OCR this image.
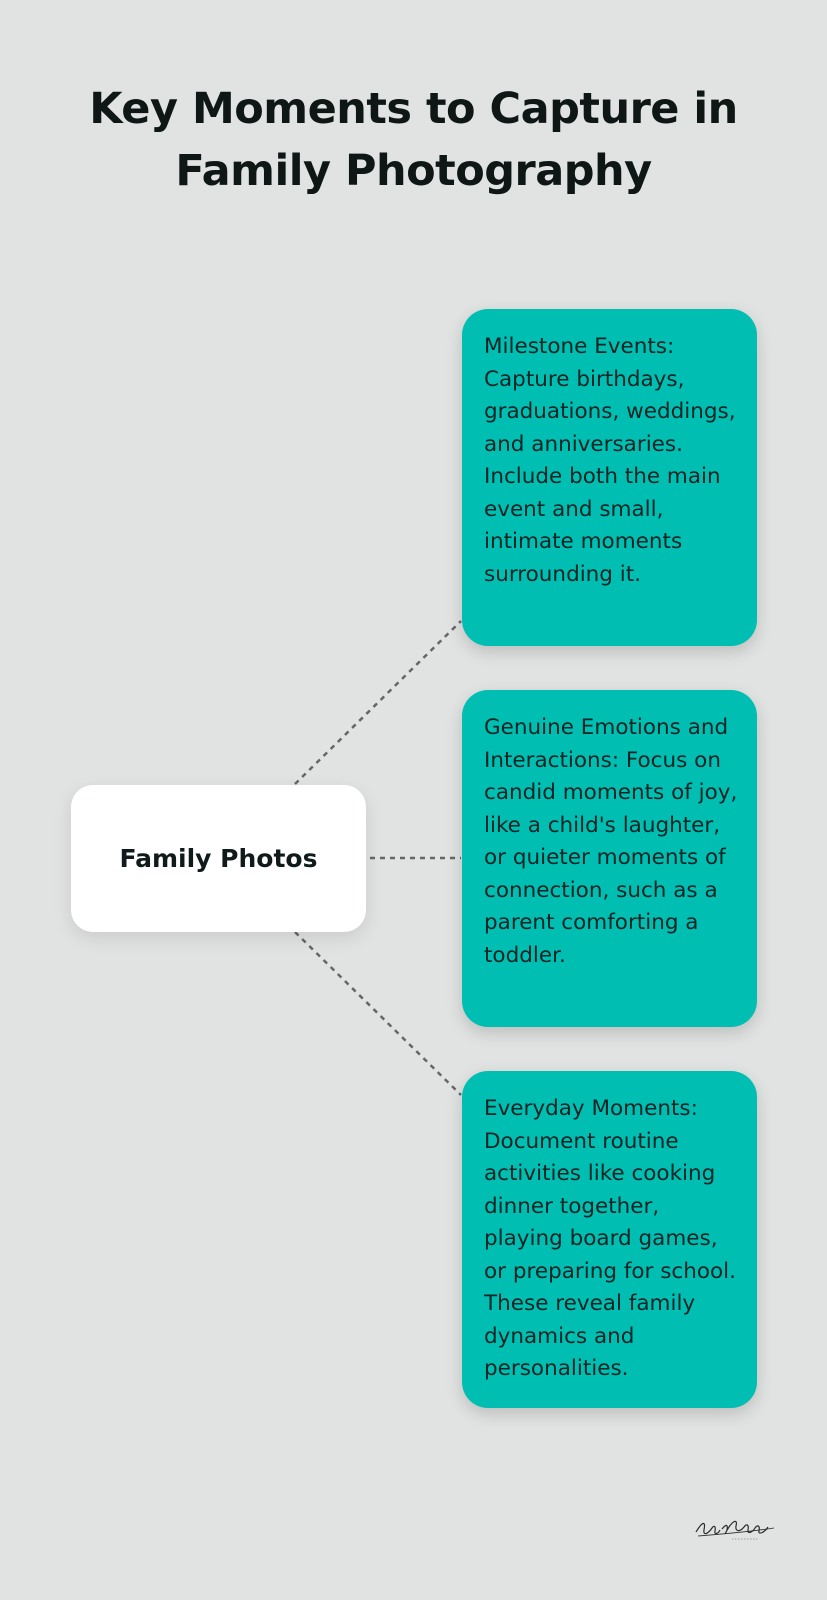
Key Moments to Capture in Family Photography
Family Photos

Milestone Events: Capture birthdays, graduations, weddings, and anniversaries. Include both the main event and small, intimate moments surrounding it.

Genuine Emotions and Interactions: Focus on candid moments of joy, like a child's laughter, or quieter moments of connection, such as a parent comforting a toddler.

Everyday Moments: Document routine activities like cooking dinner together, playing board games, or preparing for school. These reveal family dynamics and personalities.
